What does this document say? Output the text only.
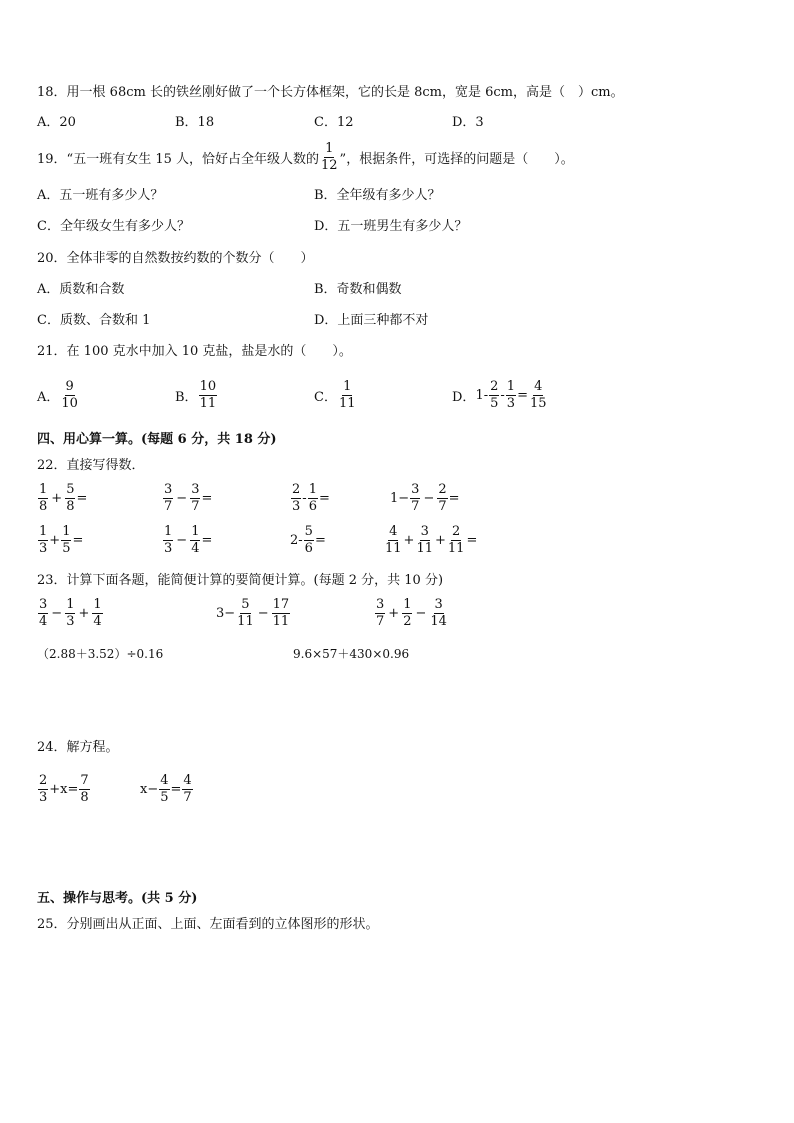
18．用一根 68cm 长的铁丝刚好做了一个长方体框架，它的长是 8cm，宽是 6cm，高是（　）cm。
A．20	B．18	C．12	D．3
19．“五一班有女生 15 人，恰好占全年级人数的 $\frac{1}{12}$ ”，根据条件，可选择的问题是（　　）。
A．五一班有多少人？	B．全年级有多少人？
C．全年级女生有多少人？	D．五一班男生有多少人？
20．全体非零的自然数按约数的个数分（　　）
A．质数和合数	B．奇数和偶数
C．质数、合数和 1	D．上面三种都不对
21．在 100 克水中加入 10 克盐，盐是水的（　　）。
A． $\frac{9}{10}$	B． $\frac{10}{11}$	C． $\frac{1}{11}$	D． $1- \frac{2}{5} - \frac{1}{3} = \frac{4}{15}$
四、用心算一算。(每题 6 分，共 18 分)
22．直接写得数．
$\frac{1}{8} + \frac{5}{8}$ =	$\frac{3}{7} - \frac{3}{7}$ =	$\frac{2}{3} - \frac{1}{6}$ =	$1- \frac{3}{7} - \frac{2}{7}$ =
$\frac{1}{3} + \frac{1}{5}$ =	$\frac{1}{3} - \frac{1}{4}$ =	$2- \frac{5}{6}$ =	$\frac{4}{11} + \frac{3}{11} + \frac{2}{11}$ =
23．计算下面各题，能简便计算的要简便计算。(每题 2 分，共 10 分)
$\frac{3}{4} - \frac{1}{3} + \frac{1}{4}$	$3- \frac{5}{11} - \frac{17}{11}$	$\frac{3}{7} + \frac{1}{2} - \frac{3}{14}$
（2.88＋3.52）÷0.16	9.6×57＋430×0.96
24．解方程。
$\frac{2}{3} +x= \frac{7}{8}$	$x- \frac{4}{5} = \frac{4}{7}$
五、操作与思考。(共 5 分)
25．分别画出从正面、上面、左面看到的立体图形的形状。
